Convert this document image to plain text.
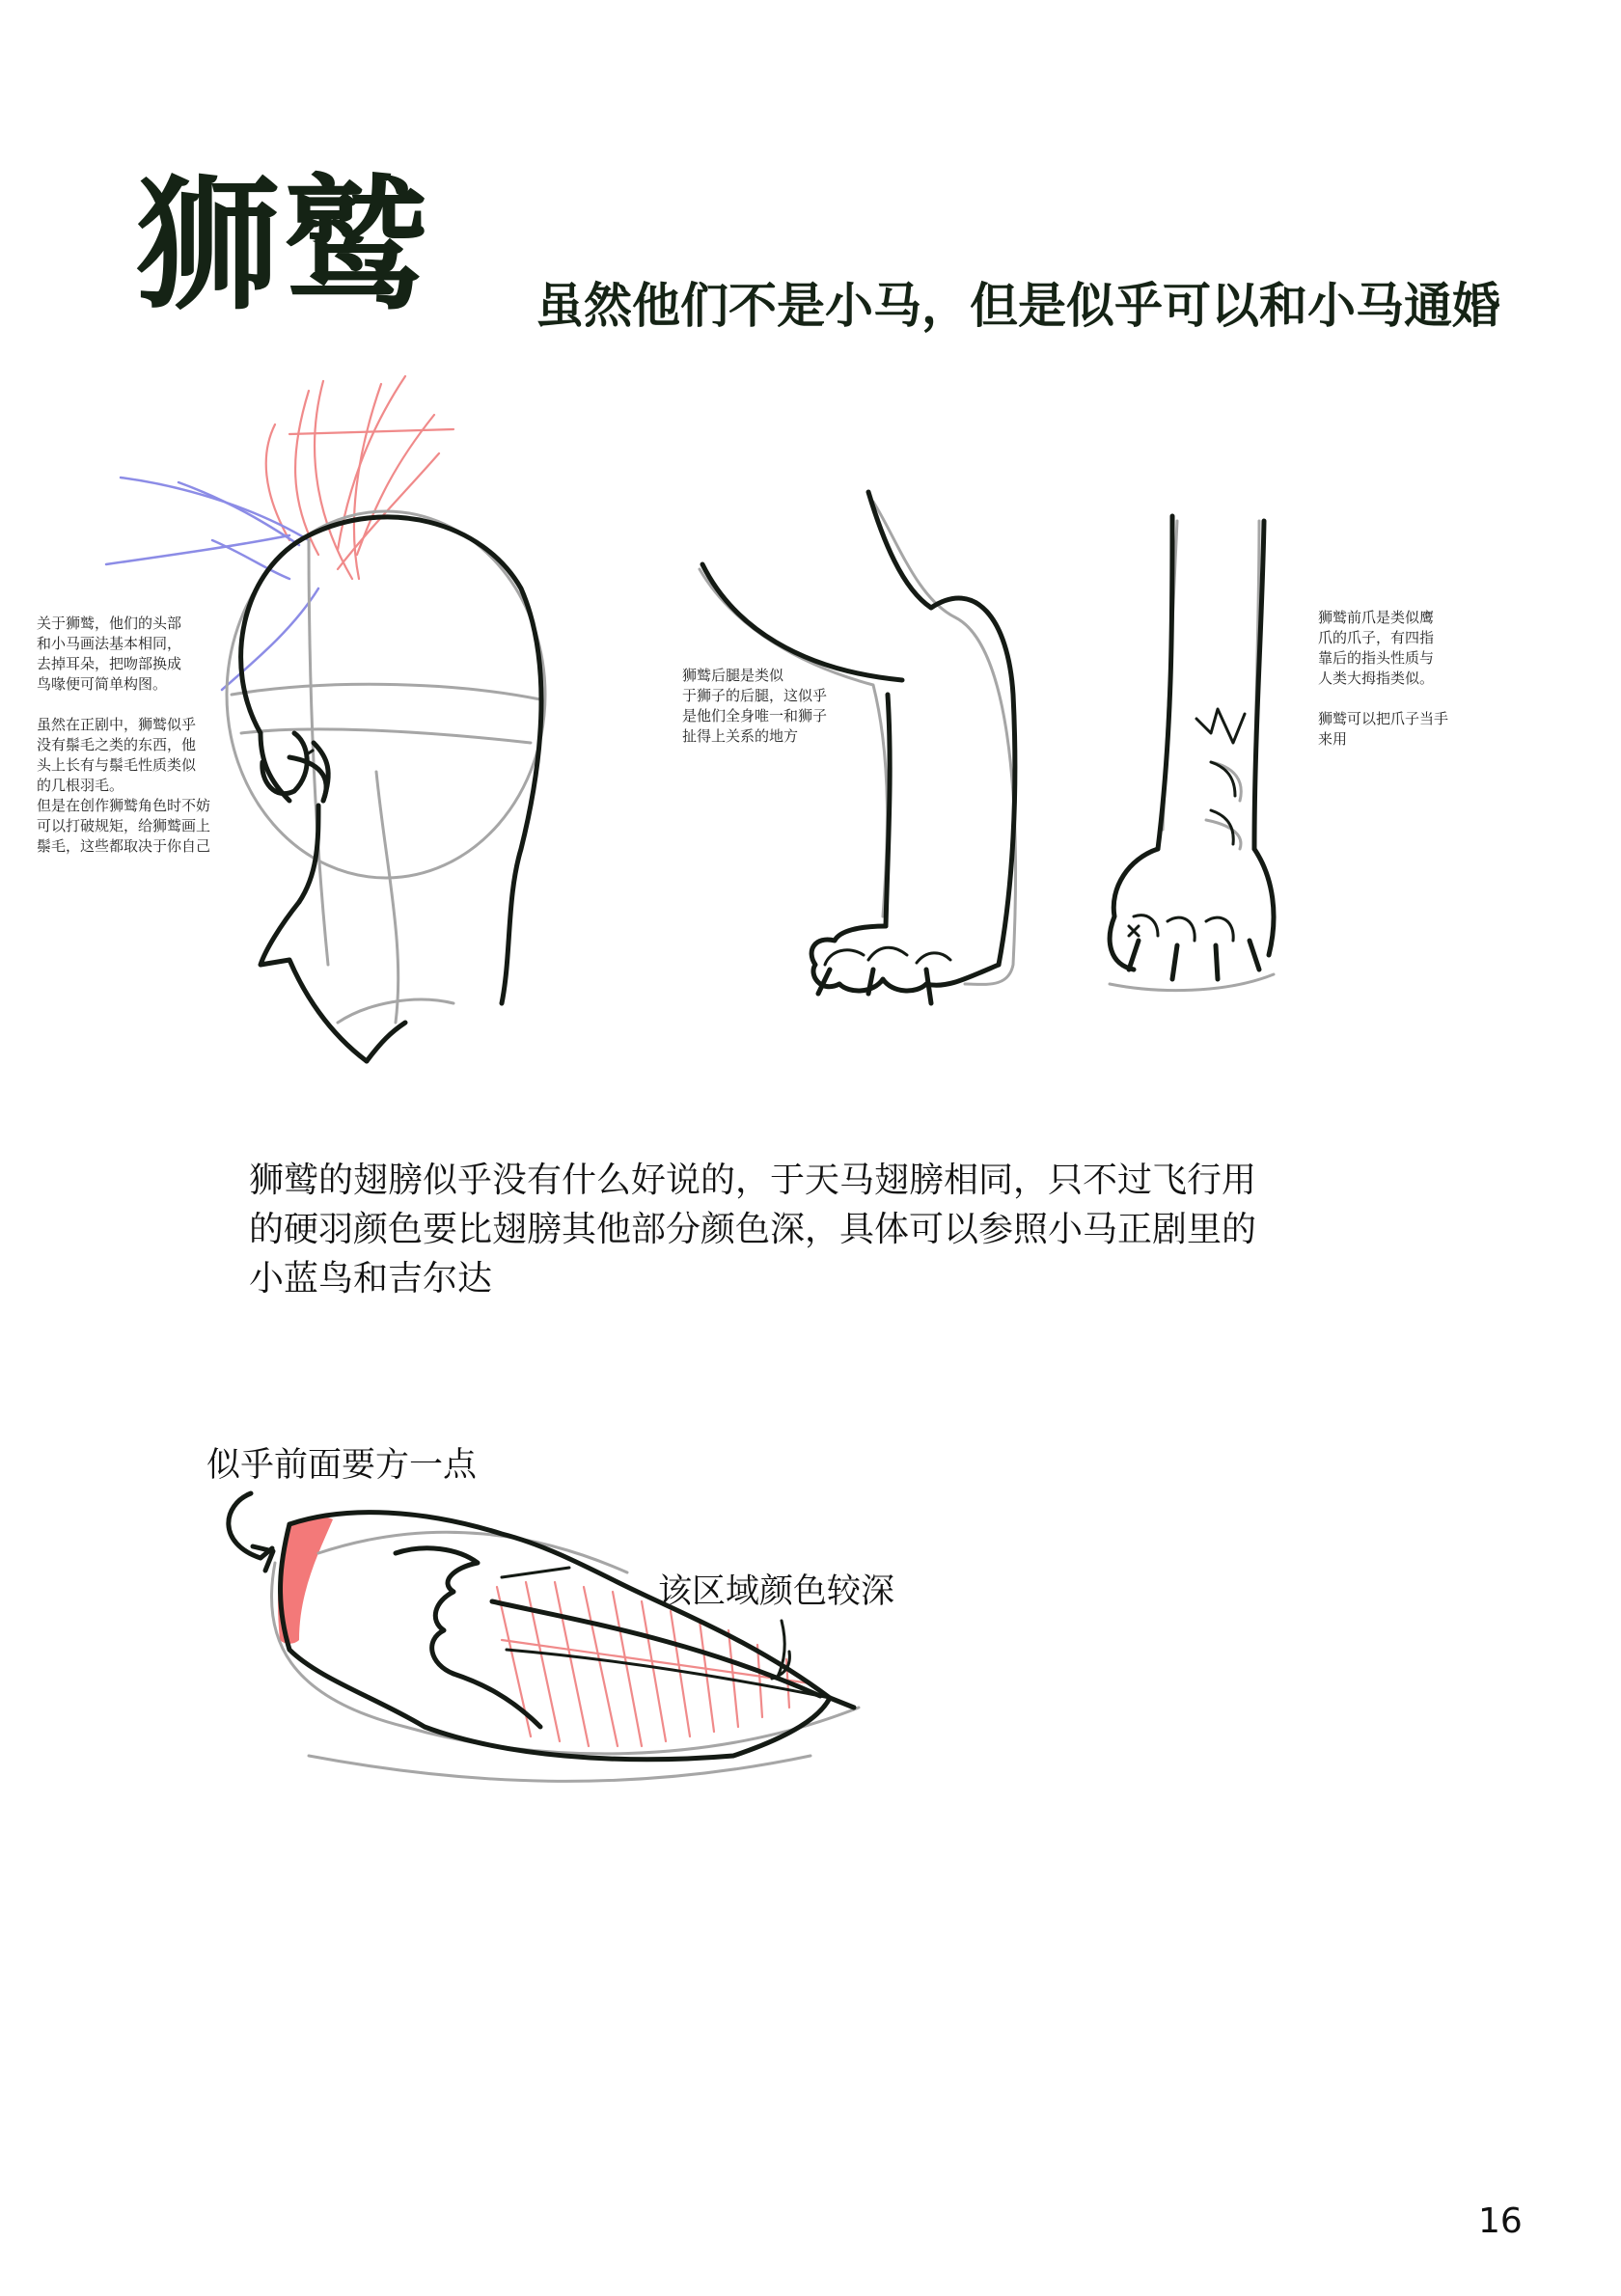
狮鹫 虽然他们不是小马，但是似乎可以和小马通婚
关于狮鹫，他们的头部
和小马画法基本相同，
去掉耳朵，把吻部换成
鸟喙便可简单构图。

虽然在正剧中，狮鹫似乎
没有鬃毛之类的东西，他
头上长有与鬃毛性质类似
的几根羽毛。
但是在创作狮鹫角色时不妨
可以打破规矩，给狮鹫画上
鬃毛，这些都取决于你自己
狮鹫后腿是类似
于狮子的后腿，这似乎
是他们全身唯一和狮子
扯得上关系的地方
狮鹫前爪是类似鹰
爪的爪子，有四指
靠后的指头性质与
人类大拇指类似。

狮鹫可以把爪子当手
来用
狮鹫的翅膀似乎没有什么好说的，于天马翅膀相同，只不过飞行用
的硬羽颜色要比翅膀其他部分颜色深，具体可以参照小马正剧里的
小蓝鸟和吉尔达
似乎前面要方一点
该区域颜色较深
16
